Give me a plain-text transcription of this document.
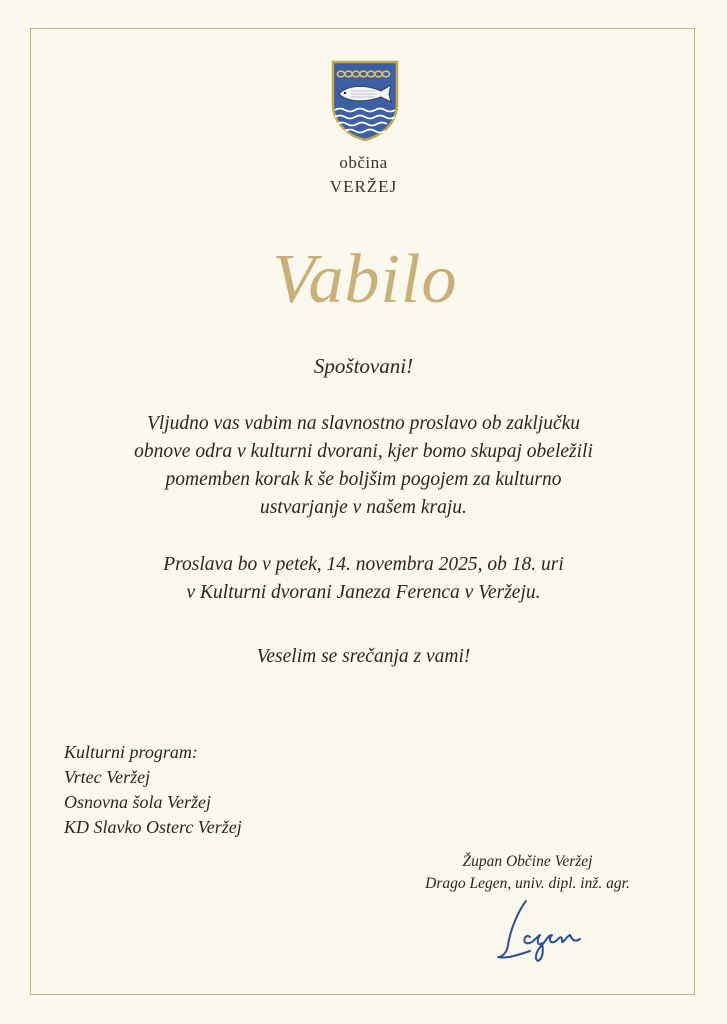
občina
VERŽEJ
Vabilo
Spoštovani!
Vljudno vas vabim na slavnostno proslavo ob zaključku
obnove odra v kulturni dvorani, kjer bomo skupaj obeležili
pomemben korak k še boljšim pogojem za kulturno
ustvarjanje v našem kraju.
Proslava bo v petek, 14. novembra 2025, ob 18. uri
v Kulturni dvorani Janeza Ferenca v Veržeju.
Veselim se srečanja z vami!
Kulturni program:
Vrtec Veržej
Osnovna šola Veržej
KD Slavko Osterc Veržej
Župan Občine Veržej
Drago Legen, univ. dipl. inž. agr.
